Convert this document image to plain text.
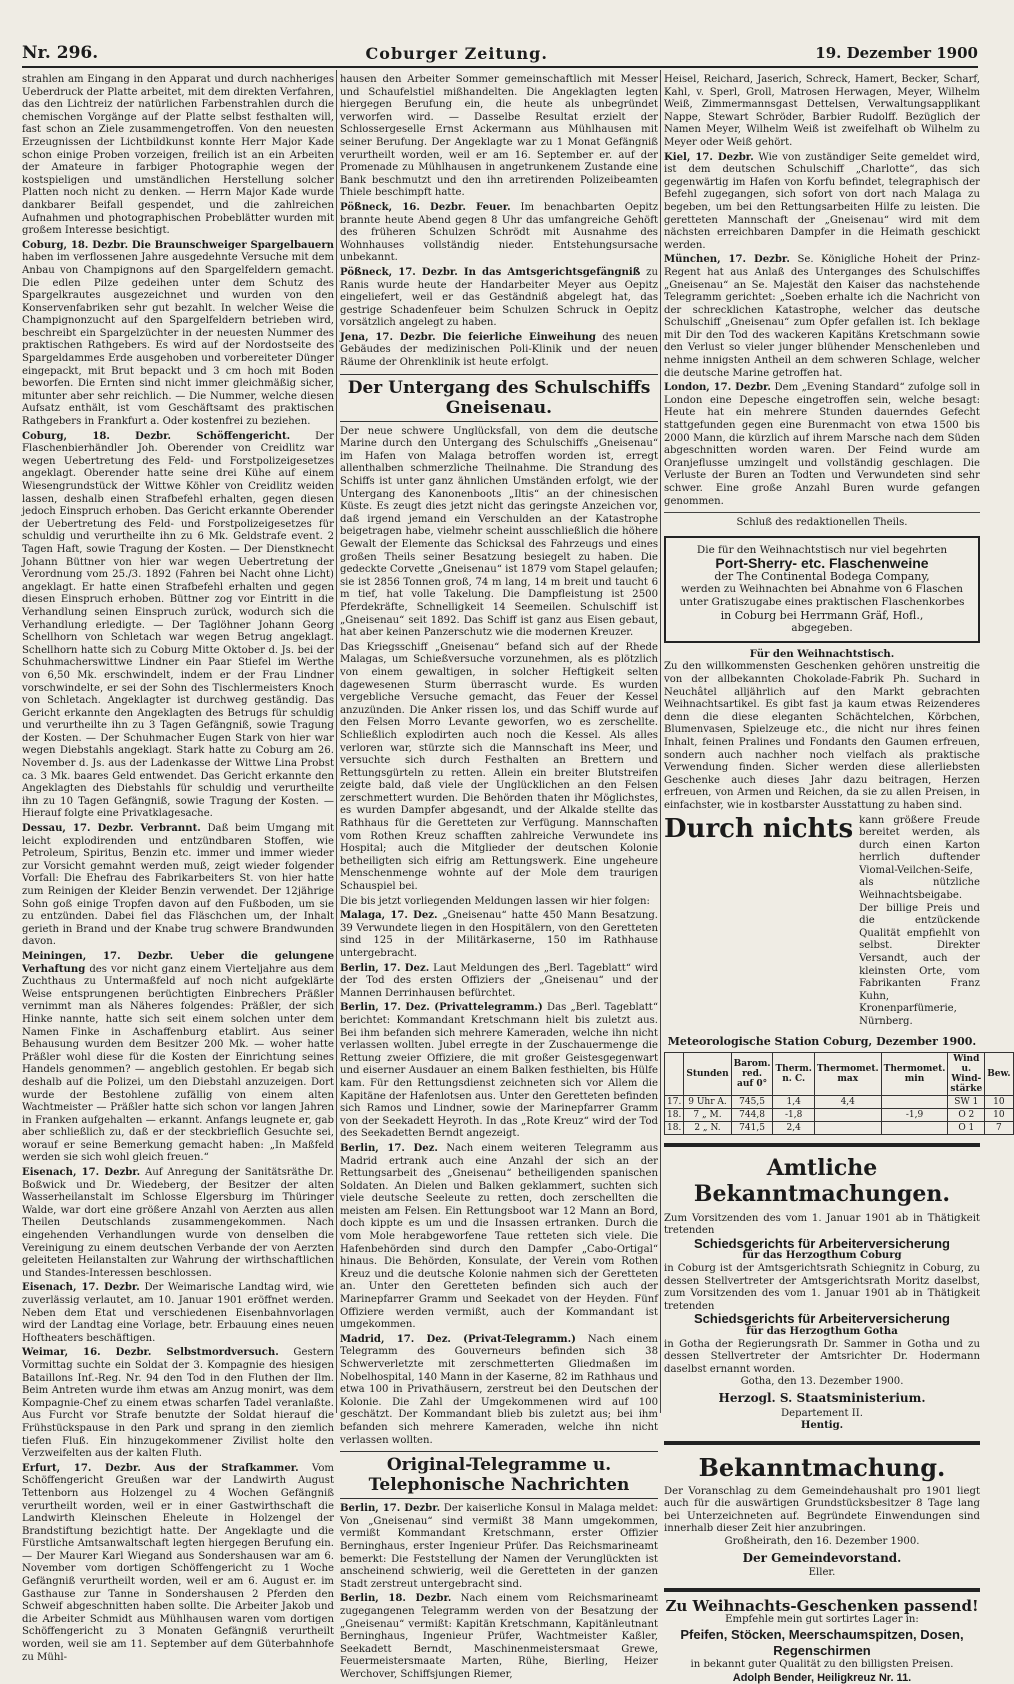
Nr. 296.	Coburger Zeitung.	19. Dezember 1900

strahlen am Eingang in den Apparat und durch nachheriges Ueberdruck der Platte arbeitet, mit dem direkten Verfahren, das den Lichtreiz der natürlichen Farbenstrahlen durch die chemischen Vorgänge auf der Platte selbst festhalten will, fast schon an Ziele zusammengetroffen. Von den neuesten Erzeugnissen der Lichtbildkunst konnte Herr Major Kade schon einige Proben vorzeigen, freilich ist an ein Arbeiten der Amateure in farbiger Photographie wegen der kostspieligen und umständlichen Herstellung solcher Platten noch nicht zu denken. — Herrn Major Kade wurde dankbarer Beifall gespendet, und die zahlreichen Aufnahmen und photographischen Probeblätter wurden mit großem Interesse besichtigt.

Coburg, 18. Dezbr. Die Braunschweiger Spargelbauern haben im verflossenen Jahre ausgedehnte Versuche mit dem Anbau von Champignons auf den Spargelfeldern gemacht. Die edlen Pilze gedeihen unter dem Schutz des Spargelkrautes ausgezeichnet und wurden von den Konservenfabriken sehr gut bezahlt. In welcher Weise die Champignonzucht auf den Spargelfeldern betrieben wird, beschreibt ein Spargelzüchter in der neuesten Nummer des praktischen Rathgebers. Es wird auf der Nordostseite des Spargeldammes Erde ausgehoben und vorbereiteter Dünger eingepackt, mit Brut bepackt und 3 cm hoch mit Boden beworfen. Die Ernten sind nicht immer gleichmäßig sicher, mitunter aber sehr reichlich. — Die Nummer, welche diesen Aufsatz enthält, ist vom Geschäftsamt des praktischen Rathgebers in Frankfurt a. Oder kostenfrei zu beziehen.

Coburg, 18. Dezbr. Schöffengericht. Der Flaschenbierhändler Joh. Oberender von Creidlitz war wegen Uebertretung des Feld- und Forstpolizeigesetzes angeklagt. Oberender hatte seine drei Kühe auf einem Wiesengrundstück der Wittwe Köhler von Creidlitz weiden lassen, deshalb einen Strafbefehl erhalten, gegen diesen jedoch Einspruch erhoben. Das Gericht erkannte Oberender der Uebertretung des Feld- und Forstpolizeigesetzes für schuldig und verurtheilte ihn zu 6 Mk. Geldstrafe event. 2 Tagen Haft, sowie Tragung der Kosten. — Der Dienstknecht Johann Büttner von hier war wegen Uebertretung der Verordnung vom 25./3. 1892 (Fahren bei Nacht ohne Licht) angeklagt. Er hatte einen Strafbefehl erhalten und gegen diesen Einspruch erhoben. Büttner zog vor Eintritt in die Verhandlung seinen Einspruch zurück, wodurch sich die Verhandlung erledigte. — Der Taglöhner Johann Georg Schellhorn von Schletach war wegen Betrug angeklagt. Schellhorn hatte sich zu Coburg Mitte Oktober d. Js. bei der Schuhmacherswittwe Lindner ein Paar Stiefel im Werthe von 6,50 Mk. erschwindelt, indem er der Frau Lindner vorschwindelte, er sei der Sohn des Tischlermeisters Knoch von Schletach. Angeklagter ist durchweg geständig. Das Gericht erkannte den Angeklagten des Betrugs für schuldig und verurtheilte ihn zu 3 Tagen Gefängniß, sowie Tragung der Kosten. — Der Schuhmacher Eugen Stark von hier war wegen Diebstahls angeklagt. Stark hatte zu Coburg am 26. November d. Js. aus der Ladenkasse der Wittwe Lina Probst ca. 3 Mk. baares Geld entwendet. Das Gericht erkannte den Angeklagten des Diebstahls für schuldig und verurtheilte ihn zu 10 Tagen Gefängniß, sowie Tragung der Kosten. — Hierauf folgte eine Privatklagesache.

Dessau, 17. Dezbr. Verbrannt. Daß beim Umgang mit leicht explodirenden und entzündbaren Stoffen, wie Petroleum, Spiritus, Benzin etc. immer und immer wieder zur Vorsicht gemahnt werden muß, zeigt wieder folgender Vorfall: Die Ehefrau des Fabrikarbeiters St. von hier hatte zum Reinigen der Kleider Benzin verwendet. Der 12jährige Sohn goß einige Tropfen davon auf den Fußboden, um sie zu entzünden. Dabei fiel das Fläschchen um, der Inhalt gerieth in Brand und der Knabe trug schwere Brandwunden davon.

Meiningen, 17. Dezbr. Ueber die gelungene Verhaftung des vor nicht ganz einem Vierteljahre aus dem Zuchthaus zu Untermaßfeld auf noch nicht aufgeklärte Weise entsprungenen berüchtigten Einbrechers Präßler vernimmt man als Näheres folgendes: Präßler, der sich Hinke nannte, hatte sich seit einem solchen unter dem Namen Finke in Aschaffenburg etablirt. Aus seiner Behausung wurden dem Besitzer 200 Mk. — woher hatte Präßler wohl diese für die Kosten der Einrichtung seines Handels genommen? — angeblich gestohlen. Er begab sich deshalb auf die Polizei, um den Diebstahl anzuzeigen. Dort wurde der Bestohlene zufällig von einem alten Wachtmeister — Präßler hatte sich schon vor langen Jahren in Franken aufgehalten — erkannt. Anfangs leugnete er, gab aber schließlich zu, daß er der steckbrieflich Gesuchte sei, worauf er seine Bemerkung gemacht haben: „In Maßfeld werden sie sich wohl gleich freuen.“

Eisenach, 17. Dezbr. Auf Anregung der Sanitätsräthe Dr. Boßwick und Dr. Wiedeberg, der Besitzer der alten Wasserheilanstalt im Schlosse Elgersburg im Thüringer Walde, war dort eine größere Anzahl von Aerzten aus allen Theilen Deutschlands zusammengekommen. Nach eingehenden Verhandlungen wurde von denselben die Vereinigung zu einem deutschen Verbande der von Aerzten geleiteten Heilanstalten zur Wahrung der wirthschaftlichen und Standes-Interessen beschlossen.

Eisenach, 17. Dezbr. Der Weimarische Landtag wird, wie zuverlässig verlautet, am 10. Januar 1901 eröffnet werden. Neben dem Etat und verschiedenen Eisenbahnvorlagen wird der Landtag eine Vorlage, betr. Erbauung eines neuen Hoftheaters beschäftigen.

Weimar, 16. Dezbr. Selbstmordversuch. Gestern Vormittag suchte ein Soldat der 3. Kompagnie des hiesigen Bataillons Inf.-Reg. Nr. 94 den Tod in den Fluthen der Ilm. Beim Antreten wurde ihm etwas am Anzug monirt, was dem Kompagnie-Chef zu einem etwas scharfen Tadel veranlaßte. Aus Furcht vor Strafe benutzte der Soldat hierauf die Frühstückspause in den Park und sprang in den ziemlich tiefen Fluß. Ein hinzugekommener Zivilist holte den Verzweifelten aus der kalten Fluth.

Erfurt, 17. Dezbr. Aus der Strafkammer. Vom Schöffengericht Greußen war der Landwirth August Tettenborn aus Holzengel zu 4 Wochen Gefängniß verurtheilt worden, weil er in einer Gastwirthschaft die Landwirth Kleinschen Eheleute in Holzengel der Brandstiftung bezichtigt hatte. Der Angeklagte und die Fürstliche Amtsanwaltschaft legten hiergegen Berufung ein. — Der Maurer Karl Wiegand aus Sondershausen war am 6. November vom dortigen Schöffengericht zu 1 Woche Gefängniß verurtheilt worden, weil er am 6. August er. im Gasthause zur Tanne in Sondershausen 2 Pferden den Schweif abgeschnitten haben sollte. Die Arbeiter Jakob und die Arbeiter Schmidt aus Mühlhausen waren vom dortigen Schöffengericht zu 3 Monaten Gefängniß verurtheilt worden, weil sie am 11. September auf dem Güterbahnhofe zu Mühl-

hausen den Arbeiter Sommer gemeinschaftlich mit Messer und Schaufelstiel mißhandelten. Die Angeklagten legten hiergegen Berufung ein, die heute als unbegründet verworfen wird. — Dasselbe Resultat erzielt der Schlossergeselle Ernst Ackermann aus Mühlhausen mit seiner Berufung. Der Angeklagte war zu 1 Monat Gefängniß verurtheilt worden, weil er am 16. September er. auf der Promenade zu Mühlhausen in angetrunkenem Zustande eine Bank beschmutzt und den ihn arretirenden Polizeibeamten Thiele beschimpft hatte.

Pößneck, 16. Dezbr. Feuer. Im benachbarten Oepitz brannte heute Abend gegen 8 Uhr das umfangreiche Gehöft des früheren Schulzen Schrödt mit Ausnahme des Wohnhauses vollständig nieder. Entstehungsursache unbekannt.

Pößneck, 17. Dezbr. In das Amtsgerichtsgefängniß zu Ranis wurde heute der Handarbeiter Meyer aus Oepitz eingeliefert, weil er das Geständniß abgelegt hat, das gestrige Schadenfeuer beim Schulzen Schruck in Oepitz vorsätzlich angelegt zu haben.

Jena, 17. Dezbr. Die feierliche Einweihung des neuen Gebäudes der medizinischen Poli-Klinik und der neuen Räume der Ohrenklinik ist heute erfolgt.

Der Untergang des Schulschiffs Gneisenau.

Der neue schwere Unglücksfall, von dem die deutsche Marine durch den Untergang des Schulschiffs „Gneisenau“ im Hafen von Malaga betroffen worden ist, erregt allenthalben schmerzliche Theilnahme. Die Strandung des Schiffs ist unter ganz ähnlichen Umständen erfolgt, wie der Untergang des Kanonenboots „Iltis“ an der chinesischen Küste. Es zeugt dies jetzt nicht das geringste Anzeichen vor, daß irgend jemand ein Verschulden an der Katastrophe beigetragen habe, vielmehr scheint ausschließlich die höhere Gewalt der Elemente das Schicksal des Fahrzeugs und eines großen Theils seiner Besatzung besiegelt zu haben. Die gedeckte Corvette „Gneisenau“ ist 1879 vom Stapel gelaufen; sie ist 2856 Tonnen groß, 74 m lang, 14 m breit und taucht 6 m tief, hat volle Takelung. Die Dampfleistung ist 2500 Pferdekräfte, Schnelligkeit 14 Seemeilen. Schulschiff ist „Gneisenau“ seit 1892. Das Schiff ist ganz aus Eisen gebaut, hat aber keinen Panzerschutz wie die modernen Kreuzer.

Das Kriegsschiff „Gneisenau“ befand sich auf der Rhede Malagas, um Schießversuche vorzunehmen, als es plötzlich von einem gewaltigen, in solcher Heftigkeit selten dagewesenen Sturm überrascht wurde. Es wurden vergebliche Versuche gemacht, das Feuer der Kessel anzuzünden. Die Anker rissen los, und das Schiff wurde auf den Felsen Morro Levante geworfen, wo es zerschellte. Schließlich explodirten auch noch die Kessel. Als alles verloren war, stürzte sich die Mannschaft ins Meer, und versuchte sich durch Festhalten an Brettern und Rettungsgürteln zu retten. Allein ein breiter Blutstreifen zeigte bald, daß viele der Unglücklichen an den Felsen zerschmettert wurden. Die Behörden thaten ihr Möglichstes, es wurden Dampfer abgesandt, und der Alkalde stellte das Rathhaus für die Geretteten zur Verfügung. Mannschaften vom Rothen Kreuz schafften zahlreiche Verwundete ins Hospital; auch die Mitglieder der deutschen Kolonie betheiligten sich eifrig am Rettungswerk. Eine ungeheure Menschenmenge wohnte auf der Mole dem traurigen Schauspiel bei.

Die bis jetzt vorliegenden Meldungen lassen wir hier folgen:

Malaga, 17. Dez. „Gneisenau“ hatte 450 Mann Besatzung. 39 Verwundete liegen in den Hospitälern, von den Geretteten sind 125 in der Militärkaserne, 150 im Rathhause untergebracht.

Berlin, 17. Dez. Laut Meldungen des „Berl. Tageblatt“ wird der Tod des ersten Offiziers der „Gneisenau“ und der Mannen Derrinhausen befürchtet.

Berlin, 17. Dez. (Privattelegramm.) Das „Berl. Tageblatt“ berichtet: Kommandant Kretschmann hielt bis zuletzt aus. Bei ihm befanden sich mehrere Kameraden, welche ihn nicht verlassen wollten. Jubel erregte in der Zuschauermenge die Rettung zweier Offiziere, die mit großer Geistesgegenwart und eiserner Ausdauer an einem Balken festhielten, bis Hülfe kam. Für den Rettungsdienst zeichneten sich vor Allem die Kapitäne der Hafenlotsen aus. Unter den Geretteten befinden sich Ramos und Lindner, sowie der Marinepfarrer Gramm von der Seekadett Heyroth. In das „Rote Kreuz“ wird der Tod des Seekadetten Berndt angezeigt.

Berlin, 17. Dez. Nach einem weiteren Telegramm aus Madrid ertrank auch eine Anzahl der sich an der Rettungsarbeit des „Gneisenau“ betheiligenden spanischen Soldaten. An Dielen und Balken geklammert, suchten sich viele deutsche Seeleute zu retten, doch zerschellten die meisten am Felsen. Ein Rettungsboot war 12 Mann an Bord, doch kippte es um und die Insassen ertranken. Durch die vom Mole herabgeworfene Taue retteten sich viele. Die Hafenbehörden sind durch den Dampfer „Cabo-Ortigal“ hinaus. Die Behörden, Konsulate, der Verein vom Rothen Kreuz und die deutsche Kolonie nahmen sich der Geretteten an. Unter den Geretteten befinden sich auch der Marinepfarrer Gramm und Seekadet von der Heyden. Fünf Offiziere werden vermißt, auch der Kommandant ist umgekommen.

Madrid, 17. Dez. (Privat-Telegramm.) Nach einem Telegramm des Gouverneurs befinden sich 38 Schwerverletzte mit zerschmetterten Gliedmaßen im Nobelhospital, 140 Mann in der Kaserne, 82 im Rathhaus und etwa 100 in Privathäusern, zerstreut bei den Deutschen der Kolonie. Die Zahl der Umgekommenen wird auf 100 geschätzt. Der Kommandant blieb bis zuletzt aus; bei ihm befanden sich mehrere Kameraden, welche ihn nicht verlassen wollten.

Original-Telegramme u. Telephonische Nachrichten

Berlin, 17. Dezbr. Der kaiserliche Konsul in Malaga meldet: Von „Gneisenau“ sind vermißt 38 Mann umgekommen, vermißt Kommandant Kretschmann, erster Offizier Berninghaus, erster Ingenieur Prüfer. Das Reichsmarineamt bemerkt: Die Feststellung der Namen der Verunglückten ist anscheinend schwierig, weil die Geretteten in der ganzen Stadt zerstreut untergebracht sind.

Berlin, 18. Dezbr. Nach einem vom Reichsmarineamt zugegangenen Telegramm werden von der Besatzung der „Gneisenau“ vermißt: Kapitän Kretschmann, Kapitänleutnant Berninghaus, Ingenieur Prüfer, Wachtmeister Kaßler, Seekadett Berndt, Maschinenmeistersmaat Grewe, Feuermeistersmaate Marten, Rühe, Bierling, Heizer Werchover, Schiffsjungen Riemer,

Heisel, Reichard, Jaserich, Schreck, Hamert, Becker, Scharf, Kahl, v. Sperl, Groll, Matrosen Herwagen, Meyer, Wilhelm Weiß, Zimmermannsgast Dettelsen, Verwaltungsapplikant Nappe, Stewart Schröder, Barbier Rudolff. Bezüglich der Namen Meyer, Wilhelm Weiß ist zweifelhaft ob Wilhelm zu Meyer oder Weiß gehört.

Kiel, 17. Dezbr. Wie von zuständiger Seite gemeldet wird, ist dem deutschen Schulschiff „Charlotte“, das sich gegenwärtig im Hafen von Korfu befindet, telegraphisch der Befehl zugegangen, sich sofort von dort nach Malaga zu begeben, um bei den Rettungsarbeiten Hilfe zu leisten. Die geretteten Mannschaft der „Gneisenau“ wird mit dem nächsten erreichbaren Dampfer in die Heimath geschickt werden.

München, 17. Dezbr. Se. Königliche Hoheit der Prinz-Regent hat aus Anlaß des Unterganges des Schulschiffes „Gneisenau“ an Se. Majestät den Kaiser das nachstehende Telegramm gerichtet: „Soeben erhalte ich die Nachricht von der schrecklichen Katastrophe, welcher das deutsche Schulschiff „Gneisenau“ zum Opfer gefallen ist. Ich beklage mit Dir den Tod des wackeren Kapitäns Kretschmann sowie den Verlust so vieler junger blühender Menschenleben und nehme innigsten Antheil an dem schweren Schlage, welcher die deutsche Marine getroffen hat.

London, 17. Dezbr. Dem „Evening Standard“ zufolge soll in London eine Depesche eingetroffen sein, welche besagt: Heute hat ein mehrere Stunden dauerndes Gefecht stattgefunden gegen eine Burenmacht von etwa 1500 bis 2000 Mann, die kürzlich auf ihrem Marsche nach dem Süden abgeschnitten worden waren. Der Feind wurde am Oranjeflusse umzingelt und vollständig geschlagen. Die Verluste der Buren an Todten und Verwundeten sind sehr schwer. Eine große Anzahl Buren wurde gefangen genommen.

Schluß des redaktionellen Theils.
Die für den Weihnachtstisch nur viel begehrten
Port-Sherry- etc. Flaschenweine
der The Continental Bodega Company,
werden zu Weihnachten bei Abnahme von 6 Flaschen unter Gratiszugabe eines praktischen Flaschenkorbes
in Coburg bei Herrmann Gräf, Hofl.,
abgegeben.
Für den Weihnachtstisch.

Zu den willkommensten Geschenken gehören unstreitig die von der allbekannten Chokolade-Fabrik Ph. Suchard in Neuchâtel alljährlich auf den Markt gebrachten Weihnachtsartikel. Es gibt fast ja kaum etwas Reizenderes denn die diese eleganten Schächtelchen, Körbchen, Blumenvasen, Spielzeuge etc., die nicht nur ihres feinen Inhalt, feinen Pralines und Fondants den Gaumen erfreuen, sondern auch nachher noch vielfach als praktische Verwendung finden. Sicher werden diese allerliebsten Geschenke auch dieses Jahr dazu beitragen, Herzen erfreuen, von Armen und Reichen, da sie zu allen Preisen, in einfachster, wie in kostbarster Ausstattung zu haben sind.

Durch nichts kann größere Freude bereitet werden, als durch einen Karton herrlich duftender Viomal-Veilchen-Seife, als nützliche Weihnachtsbeigabe. Der billige Preis und die entzückende Qualität empfiehlt von selbst. Direkter Versandt, auch der kleinsten Orte, vom Fabrikanten Franz Kuhn, Kronenparfümerie, Nürnberg.
Meteorologische Station Coburg, Dezember 1900.
	Stunden	Barom. red. auf 0°	Therm. n. C.	Thermomet. max	Thermomet. min	Wind u. Wind-stärke	Bew.
17.	9 Uhr A.	745,5	1,4	4,4		SW 1	10
18.	7 „ M.	744,8	-1,8		-1,9	O 2	10
18.	2 „ N.	741,5	2,4			O 1	7
Amtliche Bekanntmachungen.

Zum Vorsitzenden des vom 1. Januar 1901 ab in Thätigkeit tretenden

Schiedsgerichts für Arbeiterversicherung
für das Herzogthum Coburg

in Coburg ist der Amtsgerichtsrath Schiegnitz in Coburg, zu dessen Stellvertreter der Amtsgerichtsrath Moritz daselbst, zum Vorsitzenden des vom 1. Januar 1901 ab in Thätigkeit tretenden

Schiedsgerichts für Arbeiterversicherung
für das Herzogthum Gotha

in Gotha der Regierungsrath Dr. Sammer in Gotha und zu dessen Stellvertreter der Amtsrichter Dr. Hodermann daselbst ernannt worden.

Gotha, den 13. Dezember 1900.
Herzogl. S. Staatsministerium.
Departement II.
Hentig.
Bekanntmachung.

Der Voranschlag zu dem Gemeindehaushalt pro 1901 liegt auch für die auswärtigen Grundstücksbesitzer 8 Tage lang bei Unterzeichneten auf. Begründete Einwendungen sind innerhalb dieser Zeit hier anzubringen.

Großheirath, den 16. Dezember 1900.
Der Gemeindevorstand.
Eller.
Zu Weihnachts-Geschenken passend!
Empfehle mein gut sortirtes Lager in:
Pfeifen, Stöcken, Meerschaumspitzen, Dosen, Regenschirmen
in bekannt guter Qualität zu den billigsten Preisen.
Adolph Bender, Heiligkreuz Nr. 11.
